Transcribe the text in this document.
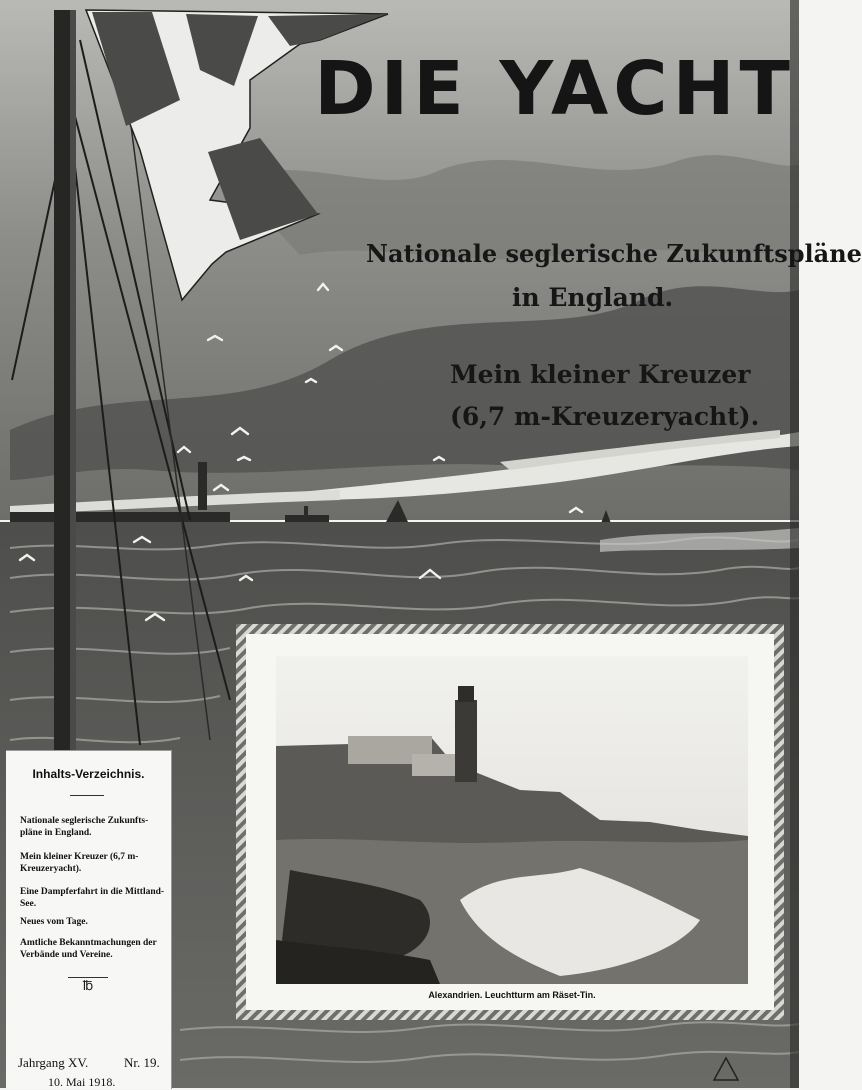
DIE YACHT
Nationale seglerische Zukunftspläne
in England.
Mein kleiner Kreuzer
(6,7 m-Kreuzeryacht).
Alexandrien. Leuchtturm am Räset-Tin.
Inhalts-Verzeichnis.
Nationale seglerische Zukunfts-pläne in England.
Mein kleiner Kreuzer (6,7 m-Kreuzeryacht).
Eine Dampferfahrt in die Mittland-See.
Neues vom Tage.
Amtliche Bekanntmachungen der Verbände und Vereine.
℔
Jahrgang XV.	Nr. 19.
10. Mai 1918.
